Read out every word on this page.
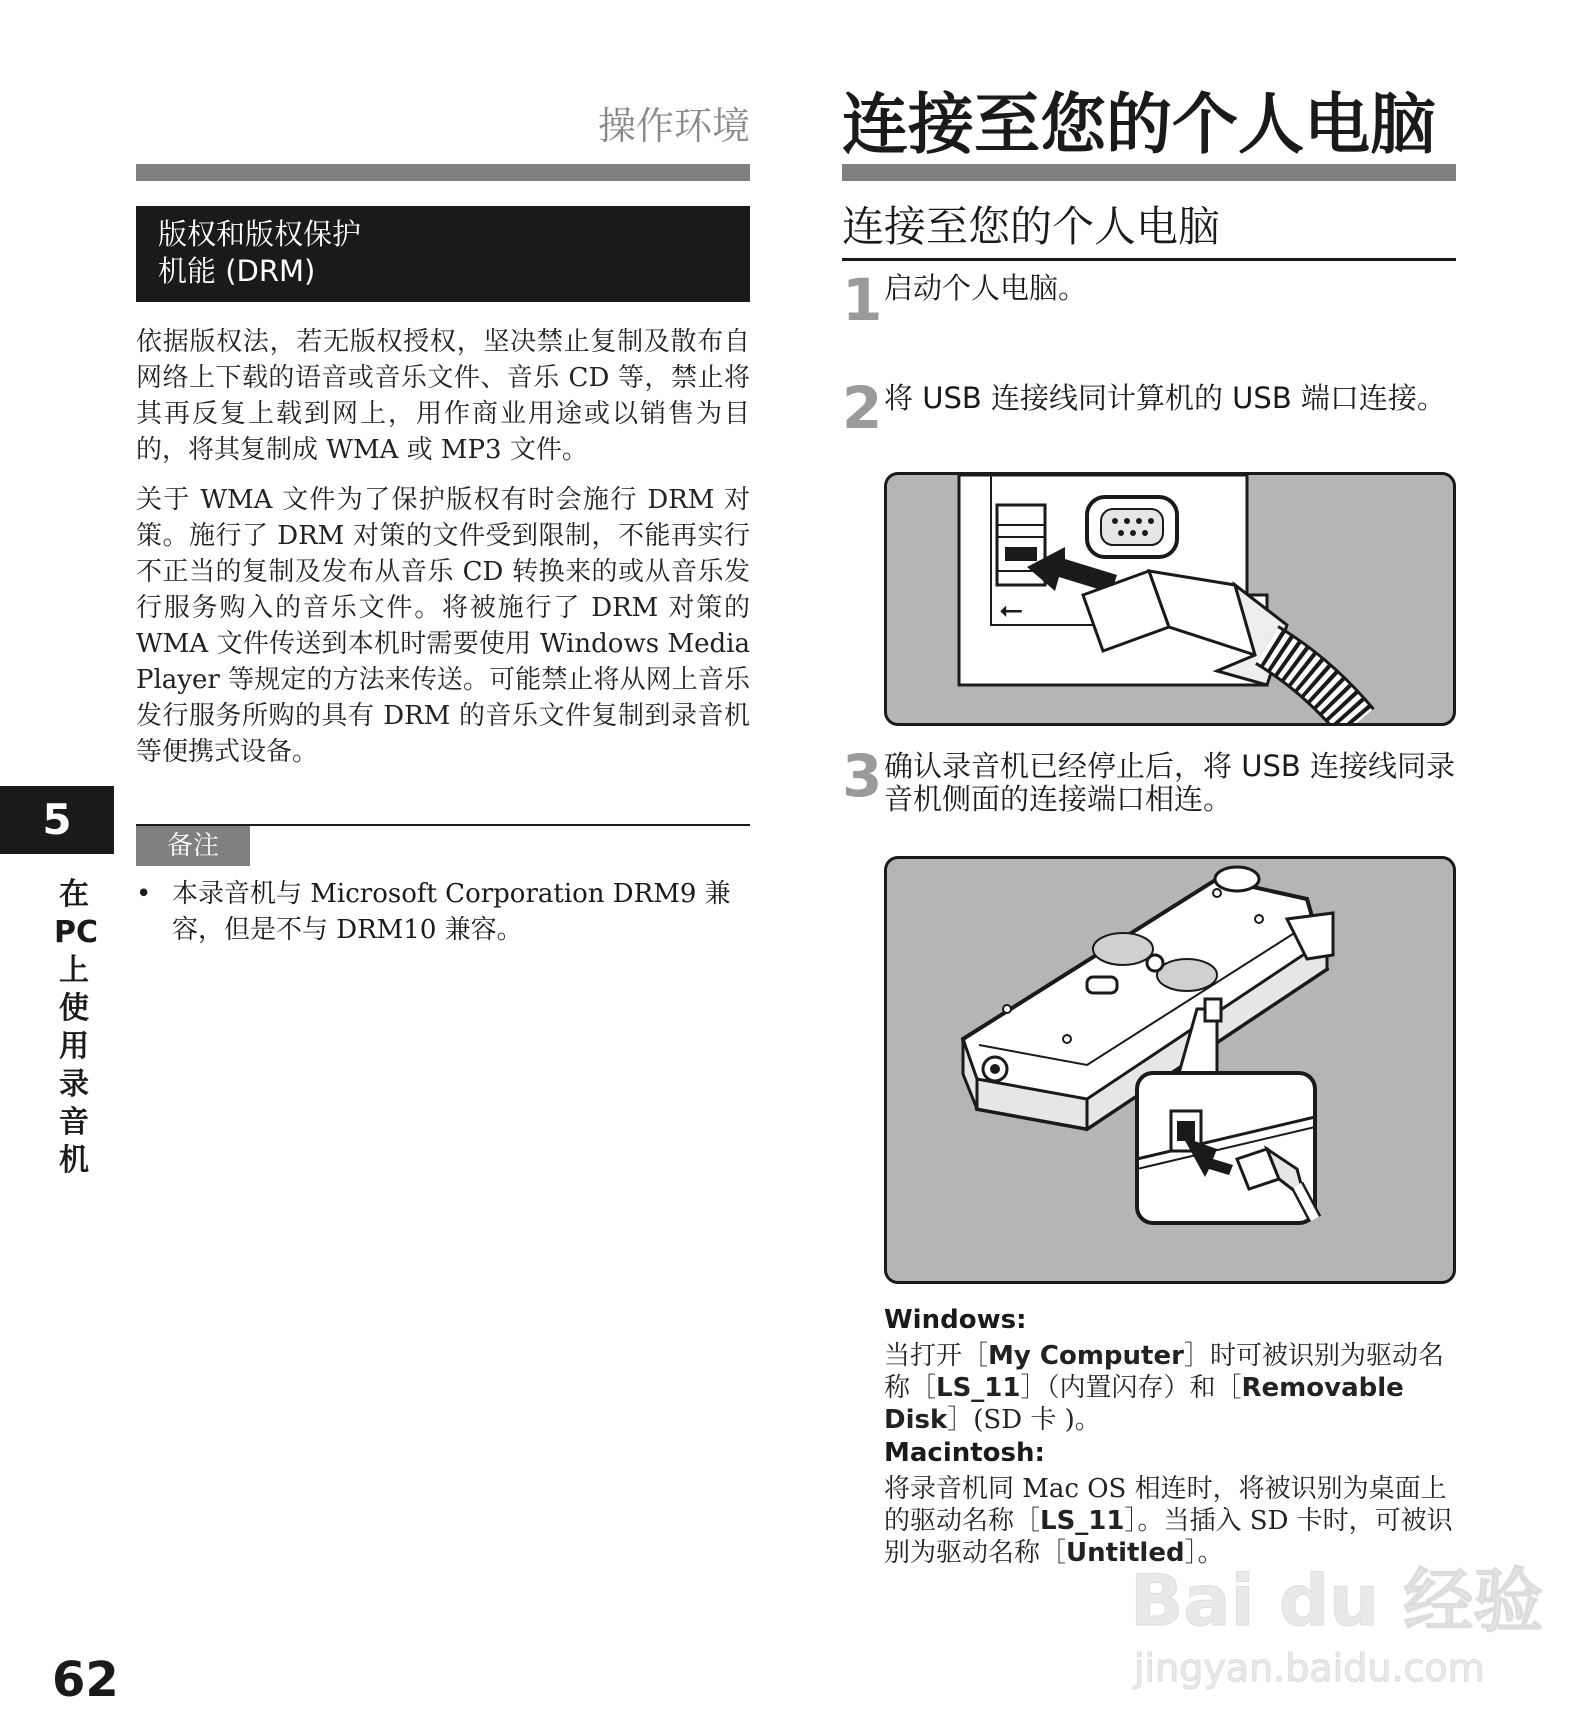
操作环境
版权和版权保护
机能 (DRM)
依据版权法，若无版权授权，坚决禁止复制及散布自网络上下载的语音或音乐文件、音乐 CD 等，禁止将其再反复上载到网上，用作商业用途或以销售为目的，将其复制成 WMA 或 MP3 文件。
关于 WMA 文件为了保护版权有时会施行 DRM 对策。施行了 DRM 对策的文件受到限制，不能再实行不正当的复制及发布从音乐 CD 转换来的或从音乐发行服务购入的音乐文件。将被施行了 DRM 对策的 WMA 文件传送到本机时需要使用 Windows Media Player 等规定的方法来传送。可能禁止将从网上音乐发行服务所购的具有 DRM 的音乐文件复制到录音机等便携式设备。
备注
• 本录音机与 Microsoft Corporation DRM9 兼容，但是不与 DRM10 兼容。
5
在
PC
上
使
用
录
音
机
62
连接至您的个人电脑
连接至您的个人电脑
1 启动个人电脑。
2 将 USB 连接线同计算机的 USB 端口连接。
⭠
3 确认录音机已经停止后，将 USB 连接线同录音机侧面的连接端口相连。
Windows:
当打开［My Computer］时可被识别为驱动名称［LS_11］（内置闪存）和［Removable Disk］(SD 卡 )。
Macintosh:
将录音机同 Mac OS 相连时，将被识别为桌面上的驱动名称［LS_11］。当插入 SD 卡时，可被识别为驱动名称［Untitled］。
Bai du 经验
jingyan.baidu.com
